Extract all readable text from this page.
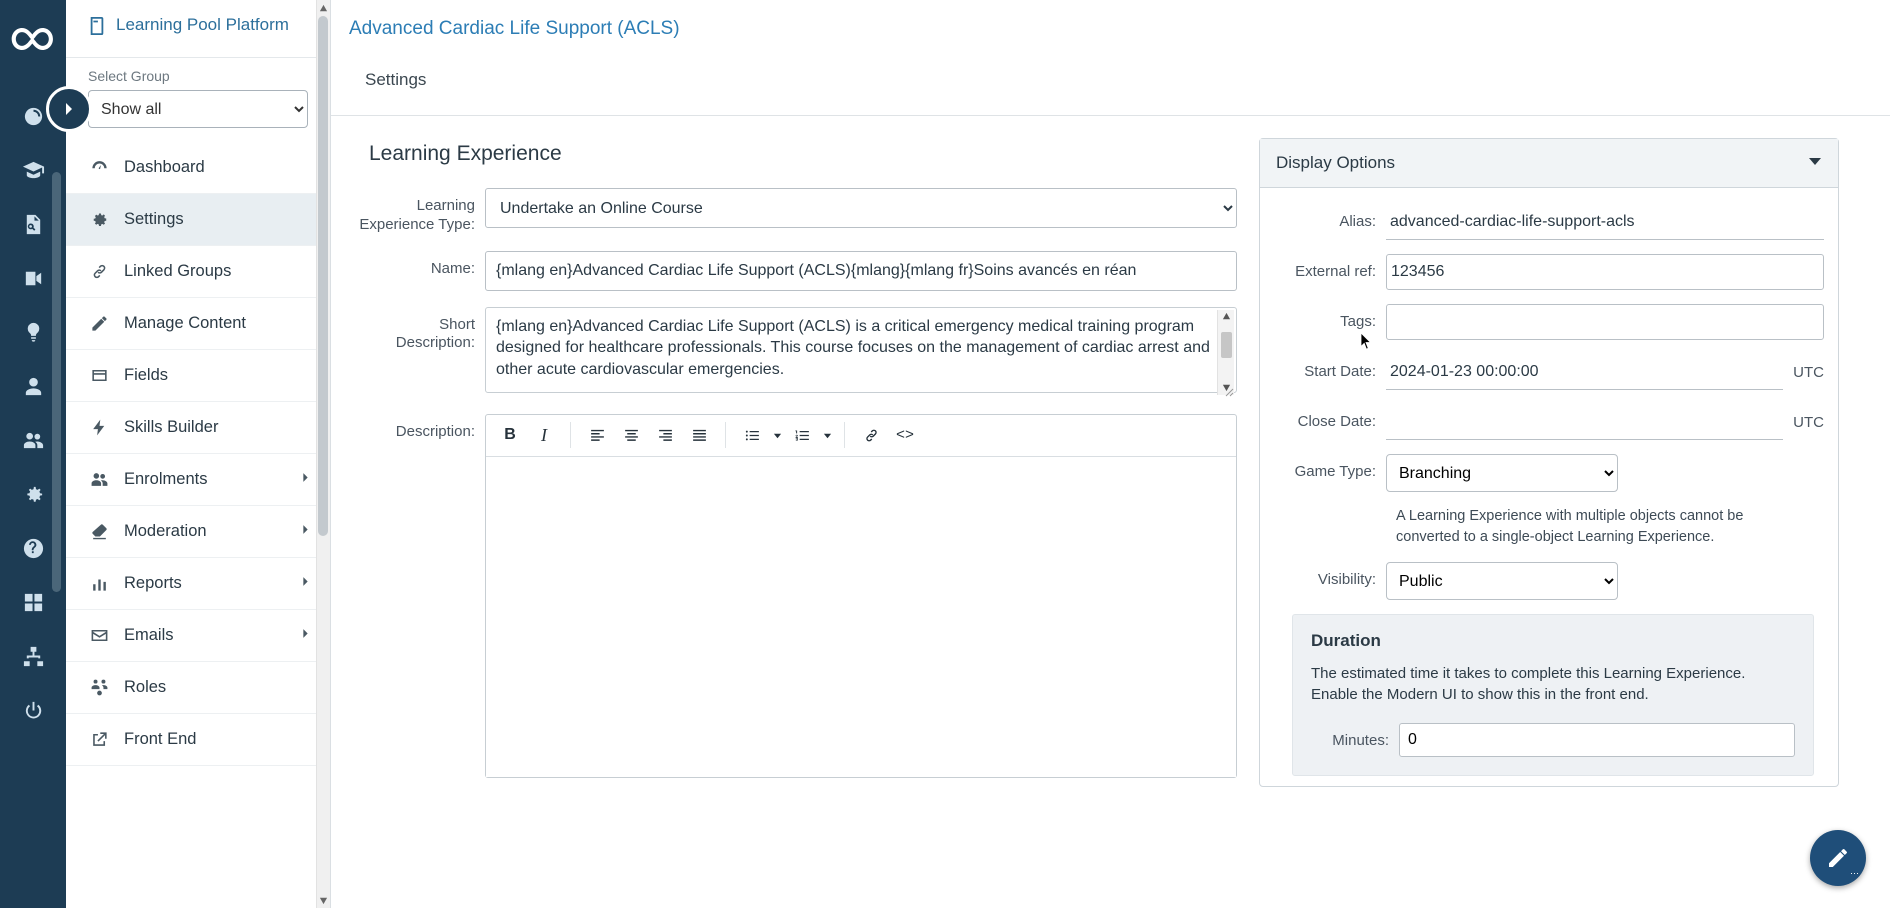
Learning Pool Platform
Select Group
Show all
Dashboard
Settings
Linked Groups
Manage Content
Fields
Skills Builder
Enrolments
Moderation
Reports
Emails
Roles
Front End
Advanced Cardiac Life Support (ACLS)
Settings
Learning Experience
Learning Experience Type:
Undertake an Online Course
Name:
{mlang en}Advanced Cardiac Life Support (ACLS){mlang}{mlang fr}Soins avancés en réan
Short Description:
{mlang en}Advanced Cardiac Life Support (ACLS) is a critical emergency medical training program designed for healthcare professionals. This course focuses on the management of cardiac arrest and other acute cardiovascular emergencies.
Description:	B	I	<>
Display Options
Alias:
advanced-cardiac-life-support-acls
External ref:
123456
Tags:
Start Date:
2024-01-23 00:00:00	UTC
Close Date:	UTC
Game Type:
Branching
A Learning Experience with multiple objects cannot be converted to a single-object Learning Experience.
Visibility:
Public
Duration

The estimated time it takes to complete this Learning Experience.

Enable the Modern UI to show this in the front end.

Minutes:
0
⋯
